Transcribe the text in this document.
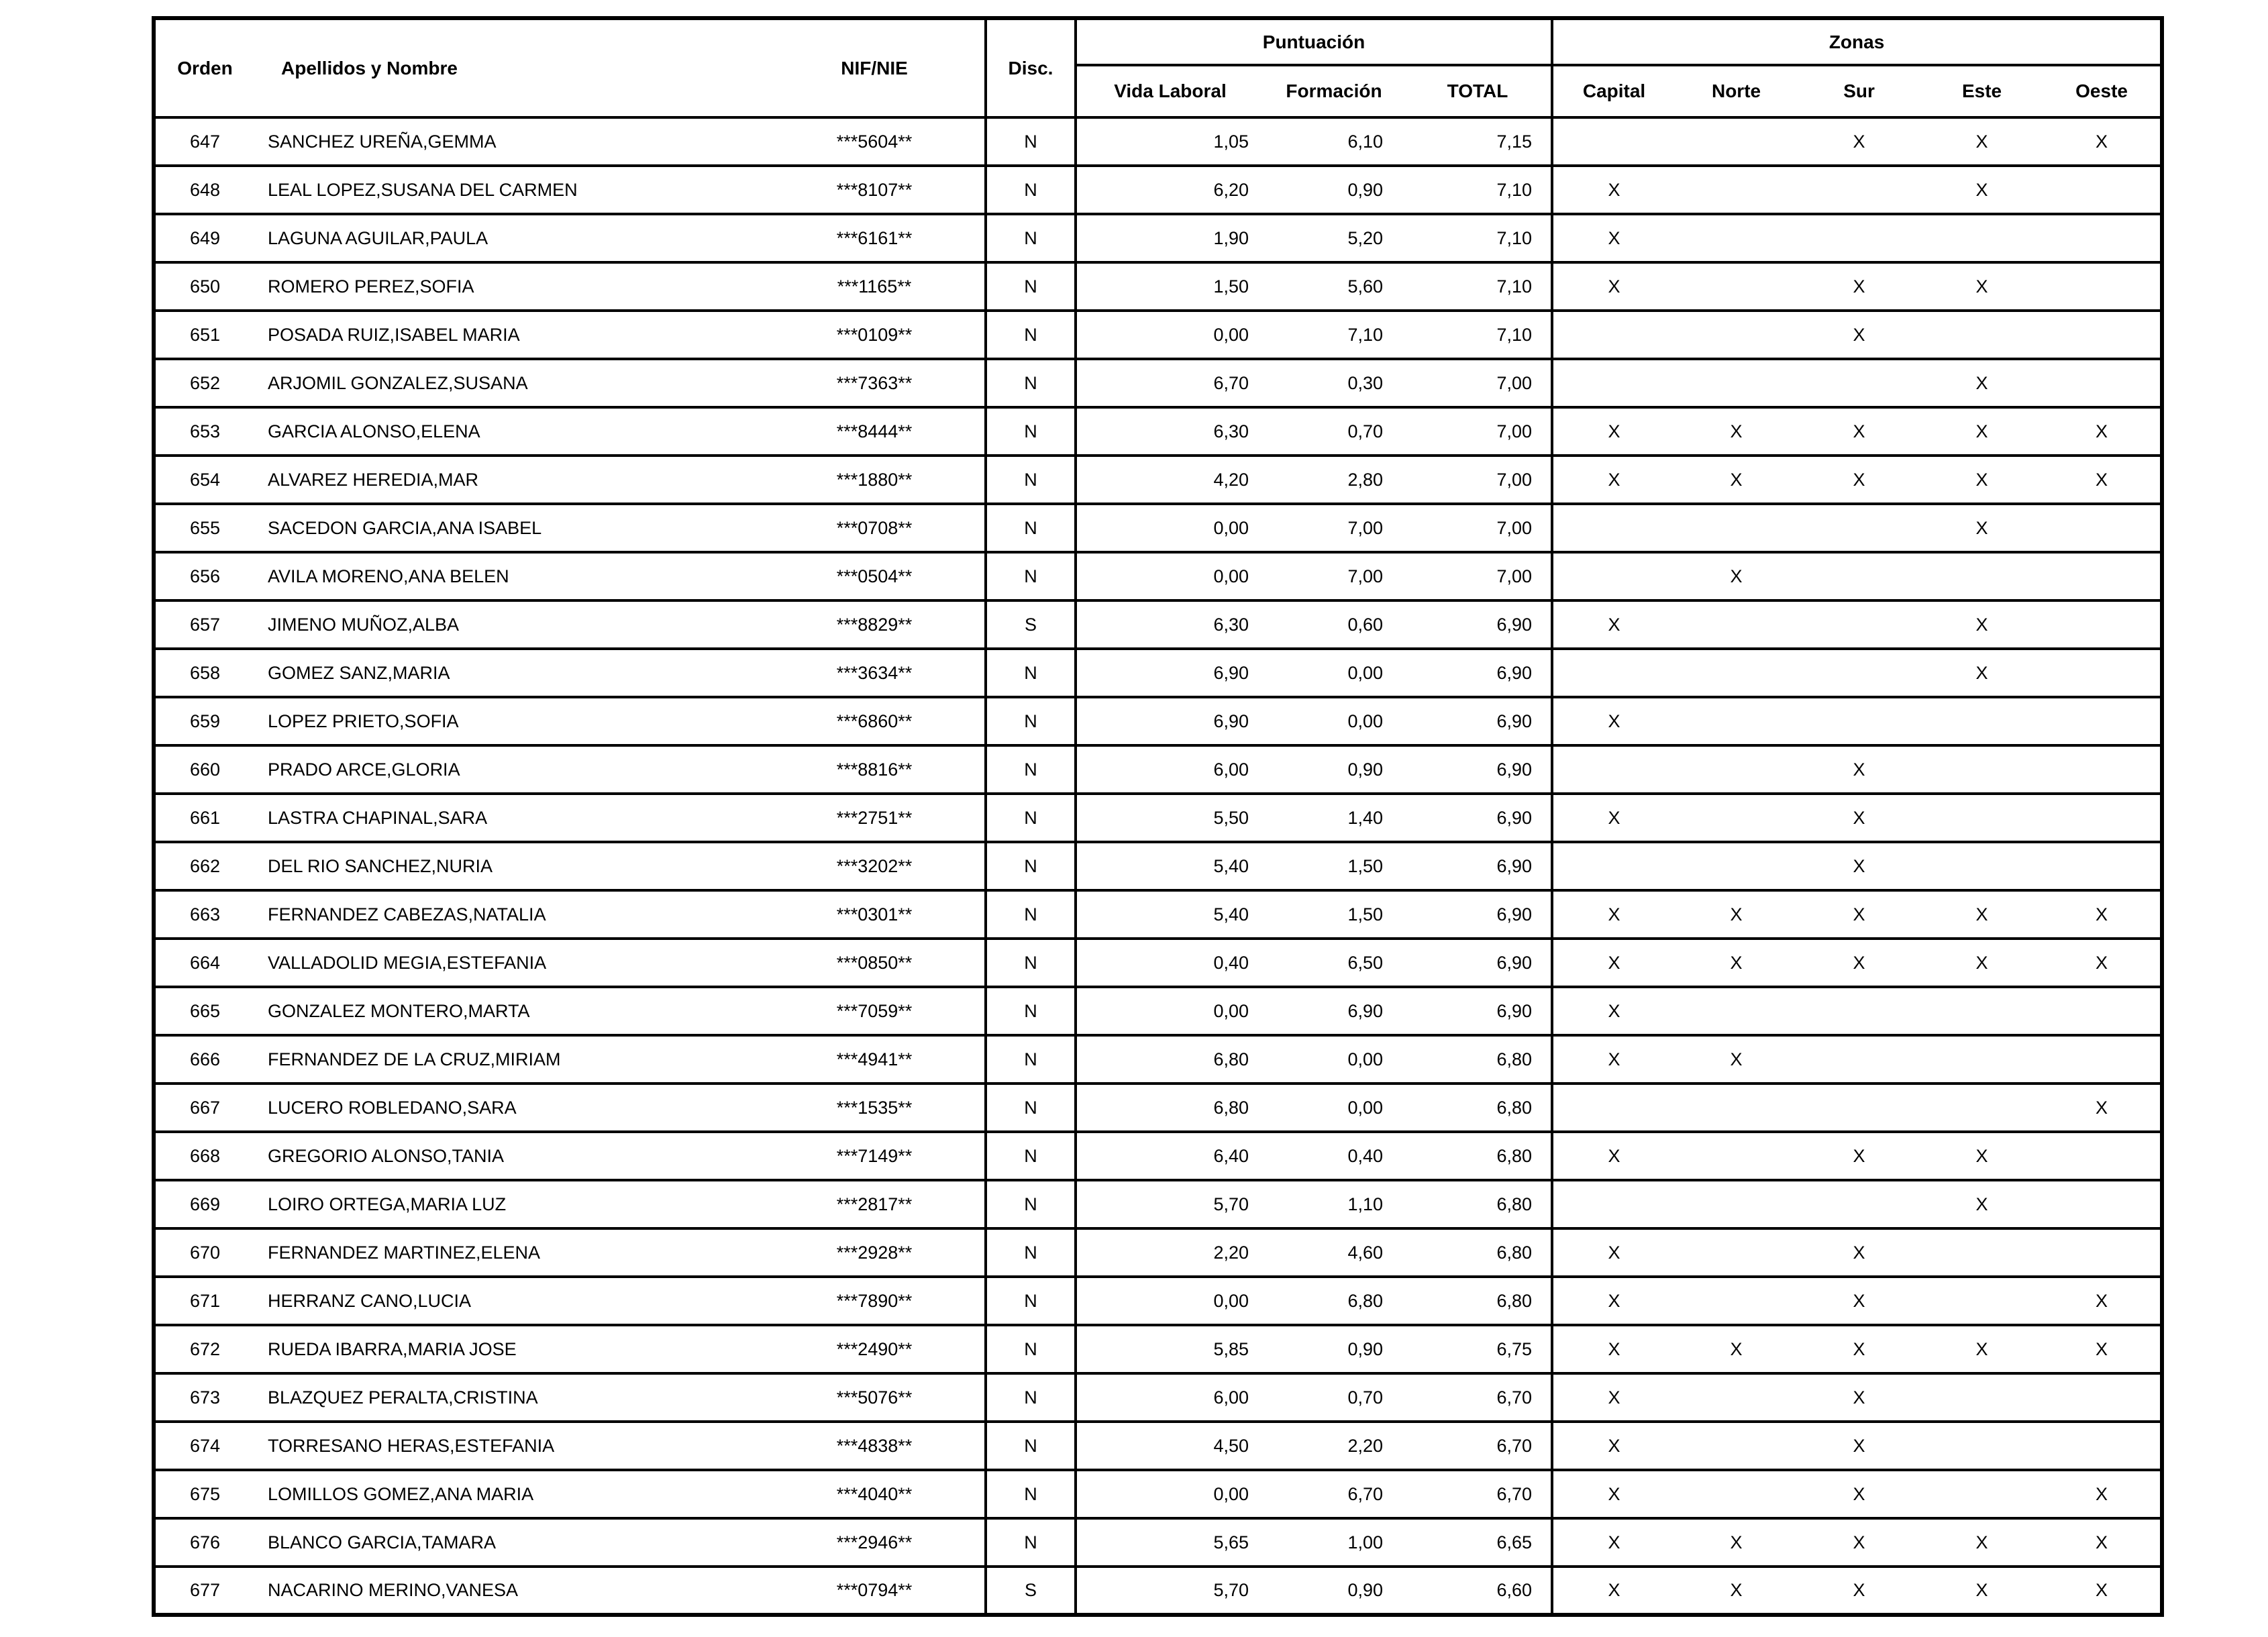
Orden	Apellidos y Nombre	NIF/NIE	Disc.	Puntuación			Zonas				
				Vida Laboral	Formación	TOTAL	Capital	Norte	Sur	Este	Oeste
647	SANCHEZ UREÑA,GEMMA	***5604**	N	1,05	6,10	7,15			X	X	X
648	LEAL LOPEZ,SUSANA DEL CARMEN	***8107**	N	6,20	0,90	7,10	X			X	
649	LAGUNA AGUILAR,PAULA	***6161**	N	1,90	5,20	7,10	X				
650	ROMERO PEREZ,SOFIA	***1165**	N	1,50	5,60	7,10	X		X	X	
651	POSADA RUIZ,ISABEL MARIA	***0109**	N	0,00	7,10	7,10			X		
652	ARJOMIL GONZALEZ,SUSANA	***7363**	N	6,70	0,30	7,00				X	
653	GARCIA ALONSO,ELENA	***8444**	N	6,30	0,70	7,00	X	X	X	X	X
654	ALVAREZ HEREDIA,MAR	***1880**	N	4,20	2,80	7,00	X	X	X	X	X
655	SACEDON GARCIA,ANA ISABEL	***0708**	N	0,00	7,00	7,00				X	
656	AVILA MORENO,ANA BELEN	***0504**	N	0,00	7,00	7,00		X			
657	JIMENO MUÑOZ,ALBA	***8829**	S	6,30	0,60	6,90	X			X	
658	GOMEZ SANZ,MARIA	***3634**	N	6,90	0,00	6,90				X	
659	LOPEZ PRIETO,SOFIA	***6860**	N	6,90	0,00	6,90	X				
660	PRADO ARCE,GLORIA	***8816**	N	6,00	0,90	6,90			X		
661	LASTRA CHAPINAL,SARA	***2751**	N	5,50	1,40	6,90	X		X		
662	DEL RIO SANCHEZ,NURIA	***3202**	N	5,40	1,50	6,90			X		
663	FERNANDEZ CABEZAS,NATALIA	***0301**	N	5,40	1,50	6,90	X	X	X	X	X
664	VALLADOLID MEGIA,ESTEFANIA	***0850**	N	0,40	6,50	6,90	X	X	X	X	X
665	GONZALEZ MONTERO,MARTA	***7059**	N	0,00	6,90	6,90	X				
666	FERNANDEZ DE LA CRUZ,MIRIAM	***4941**	N	6,80	0,00	6,80	X	X			
667	LUCERO ROBLEDANO,SARA	***1535**	N	6,80	0,00	6,80					X
668	GREGORIO ALONSO,TANIA	***7149**	N	6,40	0,40	6,80	X		X	X	
669	LOIRO ORTEGA,MARIA LUZ	***2817**	N	5,70	1,10	6,80				X	
670	FERNANDEZ MARTINEZ,ELENA	***2928**	N	2,20	4,60	6,80	X		X		
671	HERRANZ CANO,LUCIA	***7890**	N	0,00	6,80	6,80	X		X		X
672	RUEDA IBARRA,MARIA JOSE	***2490**	N	5,85	0,90	6,75	X	X	X	X	X
673	BLAZQUEZ PERALTA,CRISTINA	***5076**	N	6,00	0,70	6,70	X		X		
674	TORRESANO HERAS,ESTEFANIA	***4838**	N	4,50	2,20	6,70	X		X		
675	LOMILLOS GOMEZ,ANA MARIA	***4040**	N	0,00	6,70	6,70	X		X		X
676	BLANCO GARCIA,TAMARA	***2946**	N	5,65	1,00	6,65	X	X	X	X	X
677	NACARINO MERINO,VANESA	***0794**	S	5,70	0,90	6,60	X	X	X	X	X
